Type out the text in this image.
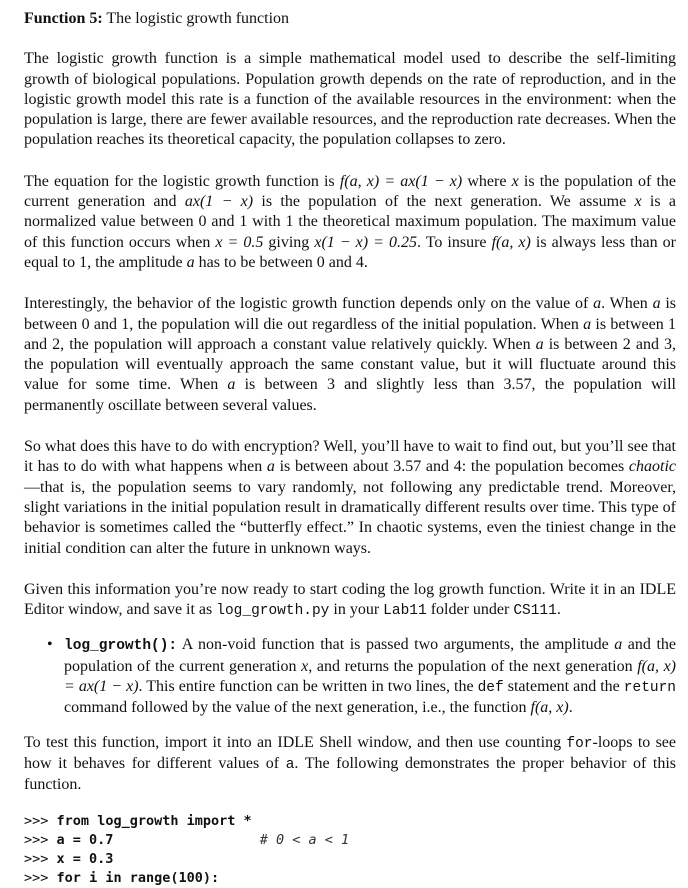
Function 5: The logistic growth function

The logistic growth function is a simple mathematical model used to describe the self-limiting growth of biological populations. Population growth depends on the rate of reproduction, and in the logistic growth model this rate is a function of the available resources in the environment: when the population is large, there are fewer available resources, and the reproduction rate decreases. When the population reaches its theoretical capacity, the population collapses to zero.

The equation for the logistic growth function is f(a, x) = ax(1 − x) where x is the population of the current generation and ax(1 − x) is the population of the next generation. We assume x is a normalized value between 0 and 1 with 1 the theoretical maximum population. The maximum value of this function occurs when x = 0.5 giving x(1 − x) = 0.25. To insure f(a, x) is always less than or equal to 1, the amplitude a has to be between 0 and 4.

Interestingly, the behavior of the logistic growth function depends only on the value of a. When a is between 0 and 1, the population will die out regardless of the initial population. When a is between 1 and 2, the population will approach a constant value relatively quickly. When a is between 2 and 3, the population will eventually approach the same constant value, but it will fluctuate around this value for some time. When a is between 3 and slightly less than 3.57, the population will permanently oscillate between several values.

So what does this have to do with encryption? Well, you’ll have to wait to find out, but you’ll see that it has to do with what happens when a is between about 3.57 and 4: the population becomes chaotic—that is, the population seems to vary randomly, not following any predictable trend. Moreover, slight variations in the initial population result in dramatically different results over time. This type of behavior is sometimes called the “butterfly effect.” In chaotic systems, even the tiniest change in the initial condition can alter the future in unknown ways.

Given this information you’re now ready to start coding the log growth function. Write it in an IDLE Editor window, and save it as log_growth.py in your Lab11 folder under CS111.

• log_growth(): A non-void function that is passed two arguments, the amplitude a and the population of the current generation x, and returns the population of the next generation f(a, x) = ax(1 − x). This entire function can be written in two lines, the def statement and the return command followed by the value of the next generation, i.e., the function f(a, x).

To test this function, import it into an IDLE Shell window, and then use counting for-loops to see how it behaves for different values of a. The following demonstrates the proper behavior of this function.

>>> from log_growth import *
>>> a = 0.7	# 0 < a < 1
>>> x = 0.3
>>> for i in range(100):
